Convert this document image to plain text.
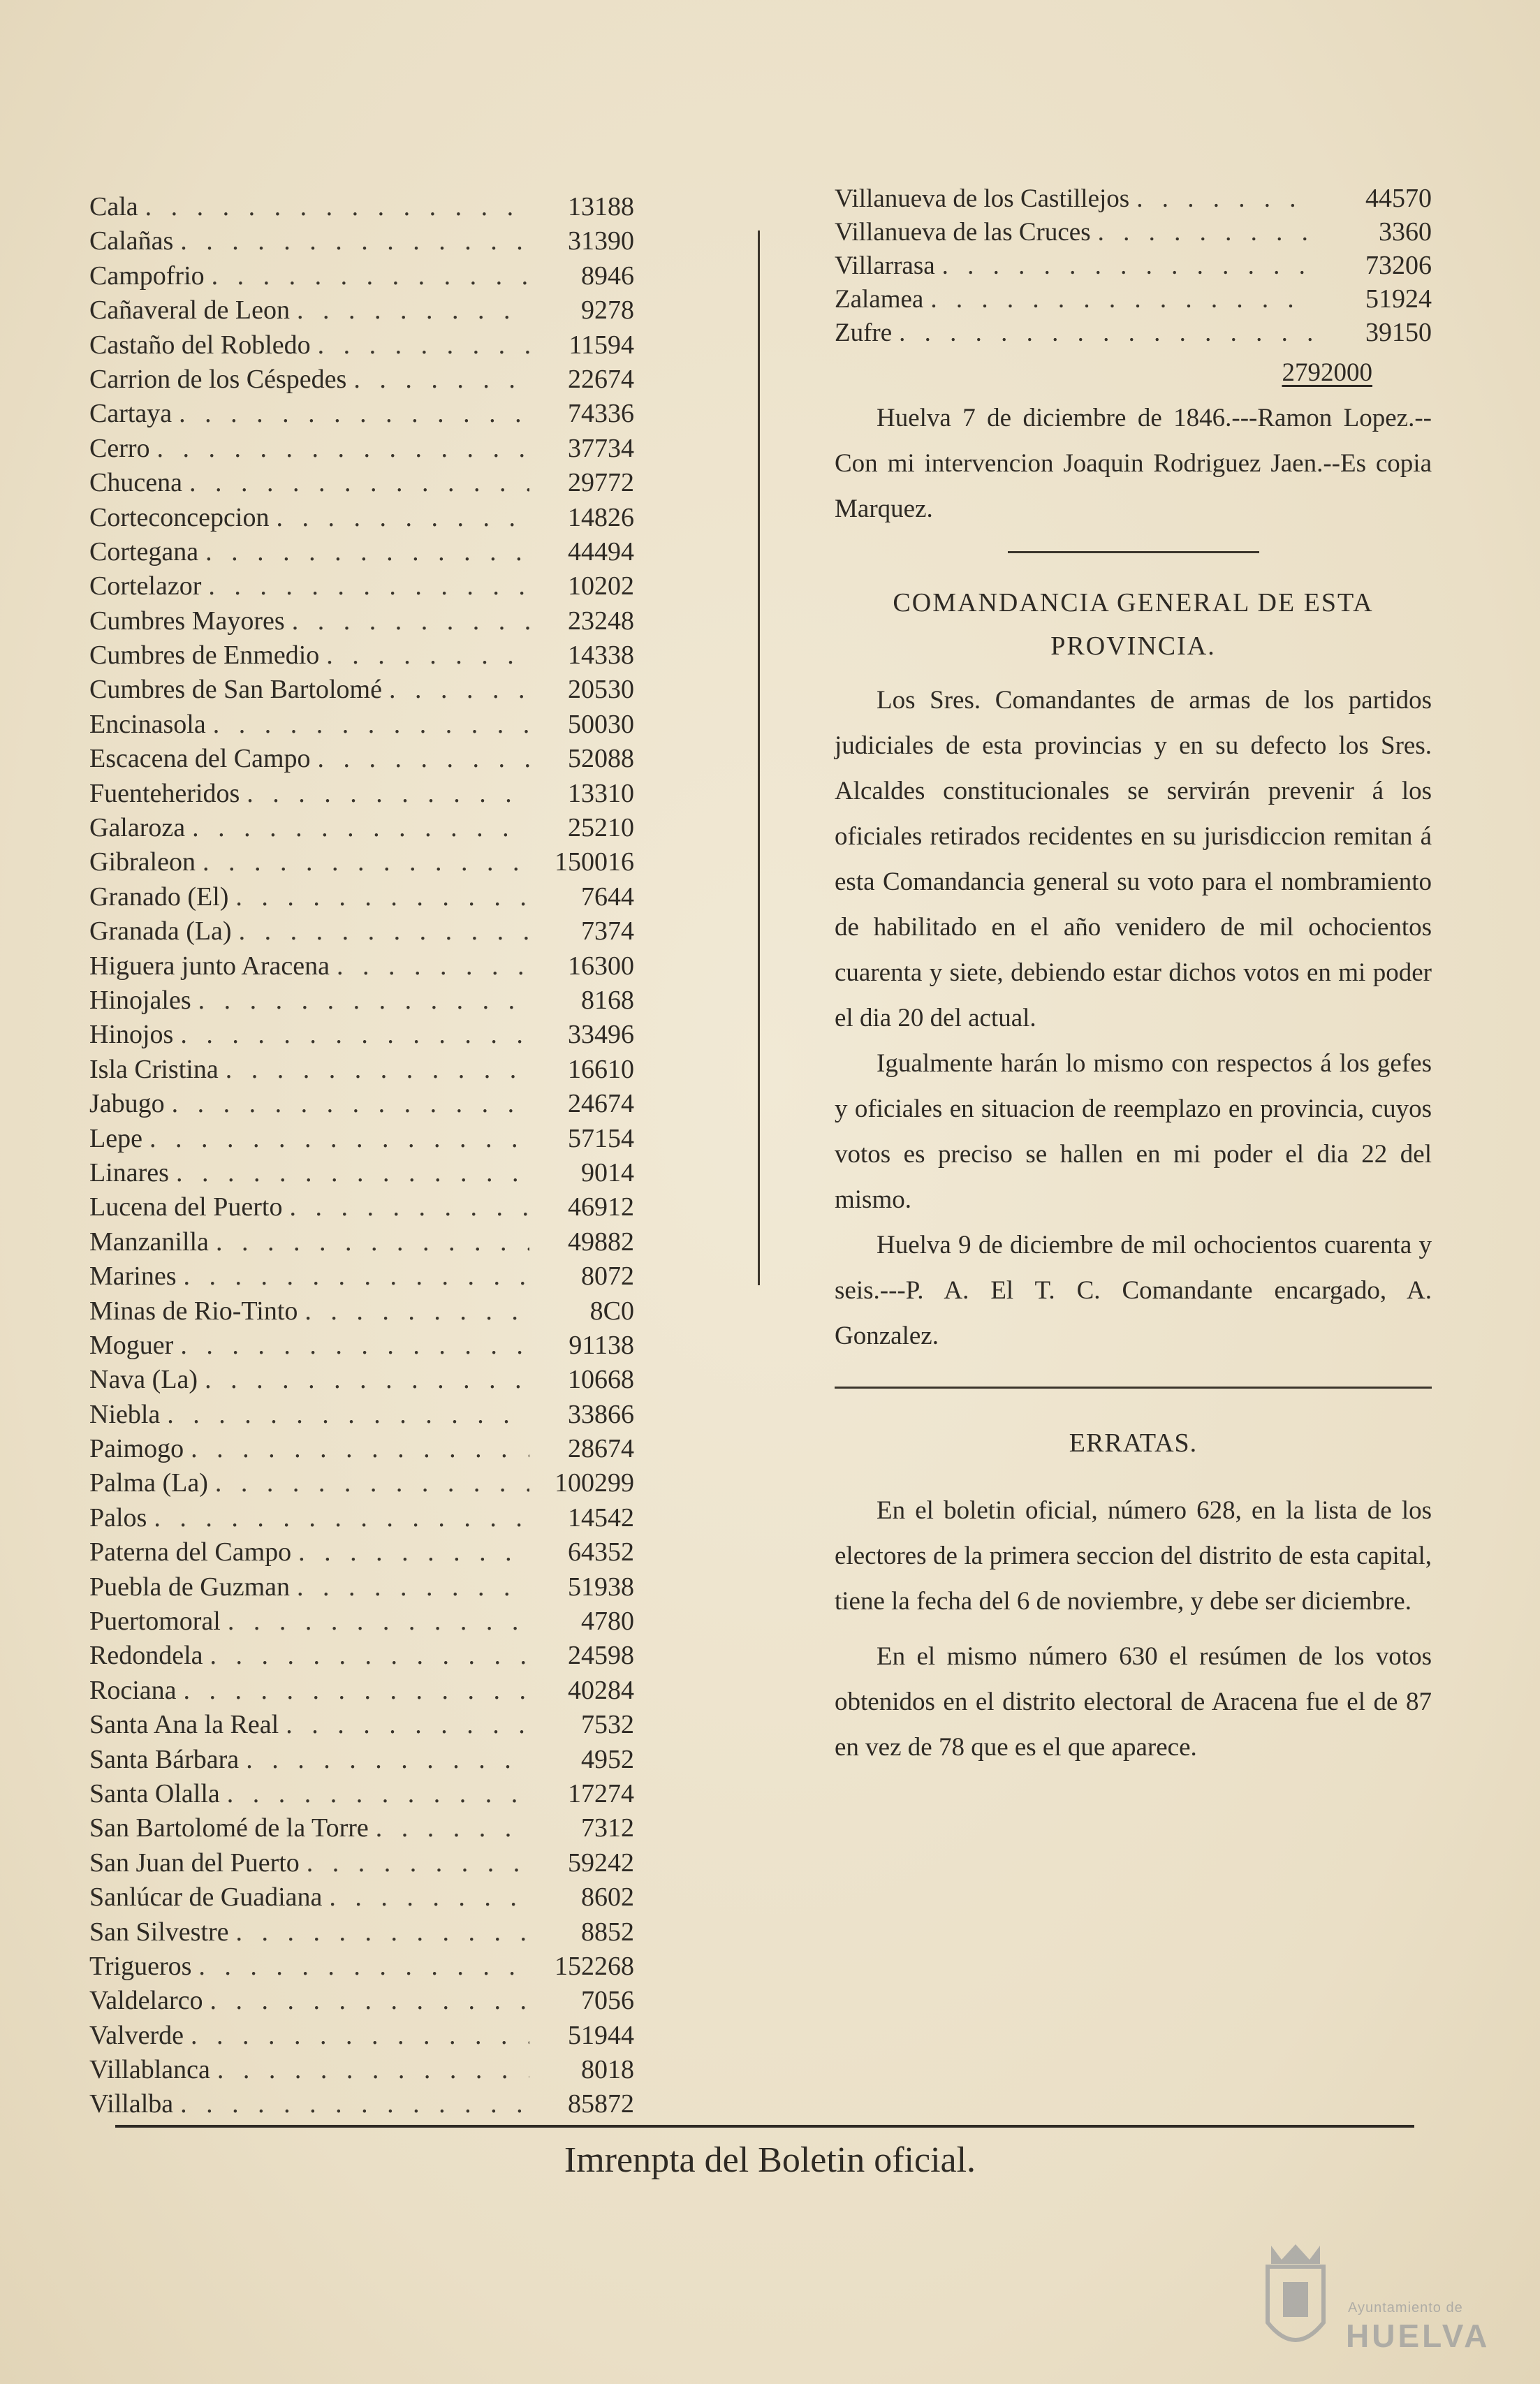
Cala . . .	13188
Calañas . . .	31390
Campofrio . . .	8946
Cañaveral de Leon . . .	9278
Castaño del Robledo . . .	11594
Carrion de los Céspedes . . .	22674
Cartaya . . .	74336
Cerro . . .	37734
Chucena . . .	29772
Corteconcepcion . . .	14826
Cortegana . . .	44494
Cortelazor . . .	10202
Cumbres Mayores . . .	23248
Cumbres de Enmedio . . .	14338
Cumbres de San Bartolomé . . .	20530
Encinasola . . .	50030
Escacena del Campo . . .	52088
Fuenteheridos . . .	13310
Galaroza . . .	25210
Gibraleon . . .	150016
Granado (El) . . .	7644
Granada (La) . . .	7374
Higuera junto Aracena . . .	16300
Hinojales . . .	8168
Hinojos . . .	33496
Isla Cristina . . .	16610
Jabugo . . .	24674
Lepe . . .	57154
Linares . . .	9014
Lucena del Puerto . . .	46912
Manzanilla . . .	49882
Marines . . .	8072
Minas de Rio-Tinto . . .	8C0
Moguer . . .	91138
Nava (La) . . .	10668
Niebla . . .	33866
Paimogo . . .	28674
Palma (La) . . .	100299
Palos . . .	14542
Paterna del Campo . . .	64352
Puebla de Guzman . . .	51938
Puertomoral . . .	4780
Redondela . . .	24598
Rociana . . .	40284
Santa Ana la Real . . .	7532
Santa Bárbara . . .	4952
Santa Olalla . . .	17274
San Bartolomé de la Torre . . .	7312
San Juan del Puerto . . .	59242
Sanlúcar de Guadiana . . .	8602
San Silvestre . . .	8852
Trigueros . . .	152268
Valdelarco . . .	7056
Valverde . . .	51944
Villablanca . . .	8018
Villalba . . .	85872
Villanueva de los Castillejos . . .	44570
Villanueva de las Cruces . . .	3360
Villarrasa . . .	73206
Zalamea . . .	51924
Zufre . . .	39150
2792000

Huelva 7 de diciembre de 1846.---Ramon Lopez.--Con mi intervencion Joaquin Rodriguez Jaen.--Es copia Marquez.

COMANDANCIA GENERAL DE ESTA PROVINCIA.

Los Sres. Comandantes de armas de los partidos judiciales de esta provincias y en su defecto los Sres. Alcaldes constitucionales se servirán prevenir á los oficiales retirados recidentes en su jurisdiccion remitan á esta Comandancia general su voto para el nombramiento de habilitado en el año venidero de mil ochocientos cuarenta y siete, debiendo estar dichos votos en mi poder el dia 20 del actual.

Igualmente harán lo mismo con respectos á los gefes y oficiales en situacion de reemplazo en provincia, cuyos votos es preciso se hallen en mi poder el dia 22 del mismo.

Huelva 9 de diciembre de mil ochocientos cuarenta y seis.---P. A. El T. C. Comandante encargado, A. Gonzalez.

ERRATAS.

En el boletin oficial, número 628, en la lista de los electores de la primera seccion del distrito de esta capital, tiene la fecha del 6 de noviembre, y debe ser diciembre.

En el mismo número 630 el resúmen de los votos obtenidos en el distrito electoral de Aracena fue el de 87 en vez de 78 que es el que aparece.

Imrenpta del Boletin oficial.
Ayuntamiento de
HUELVA
